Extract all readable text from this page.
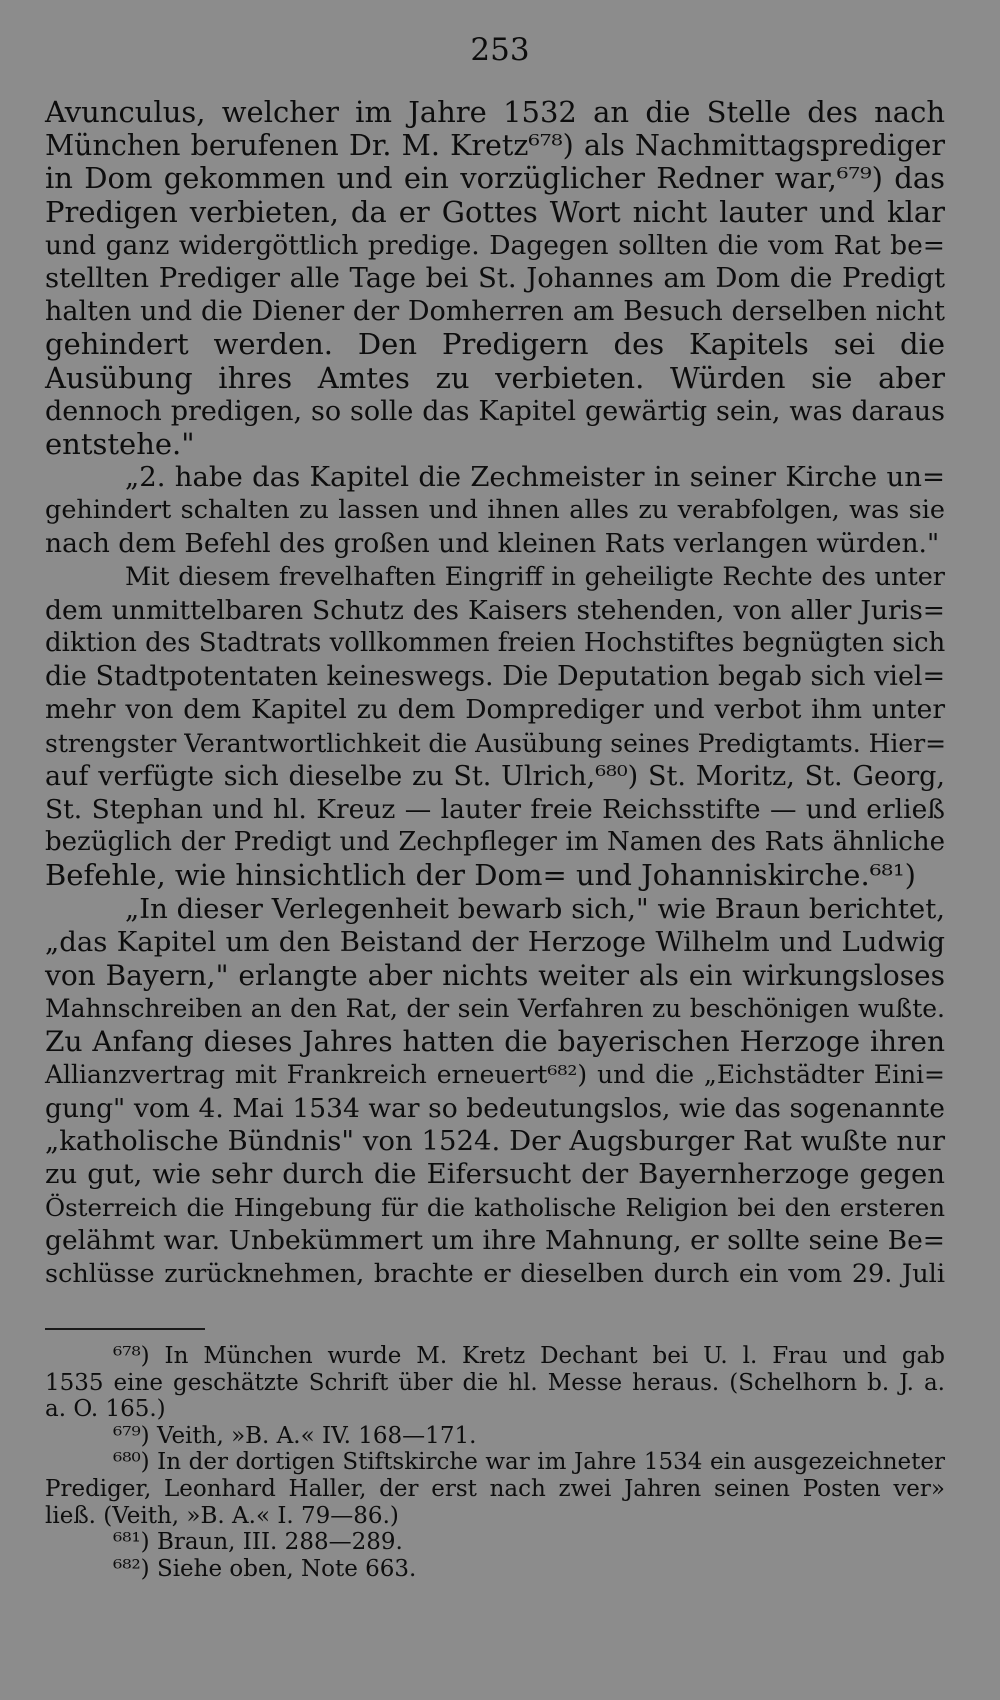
253
Avunculus, welcher im Jahre 1532 an die Stelle des nach
München berufenen Dr. M. Kretz⁶⁷⁸) als Nachmittagsprediger
in Dom gekommen und ein vorzüglicher Redner war,⁶⁷⁹) das
Predigen verbieten, da er Gottes Wort nicht lauter und klar
und ganz widergöttlich predige. Dagegen sollten die vom Rat be=
stellten Prediger alle Tage bei St. Johannes am Dom die Predigt
halten und die Diener der Domherren am Besuch derselben nicht
gehindert werden. Den Predigern des Kapitels sei die
Ausübung ihres Amtes zu verbieten. Würden sie aber
dennoch predigen, so solle das Kapitel gewärtig sein, was daraus
entstehe."
„2. habe das Kapitel die Zechmeister in seiner Kirche un=
gehindert schalten zu lassen und ihnen alles zu verabfolgen, was sie
nach dem Befehl des großen und kleinen Rats verlangen würden."
Mit diesem frevelhaften Eingriff in geheiligte Rechte des unter
dem unmittelbaren Schutz des Kaisers stehenden, von aller Juris=
diktion des Stadtrats vollkommen freien Hochstiftes begnügten sich
die Stadtpotentaten keineswegs. Die Deputation begab sich viel=
mehr von dem Kapitel zu dem Domprediger und verbot ihm unter
strengster Verantwortlichkeit die Ausübung seines Predigtamts. Hier=
auf verfügte sich dieselbe zu St. Ulrich,⁶⁸⁰) St. Moritz, St. Georg,
St. Stephan und hl. Kreuz — lauter freie Reichsstifte — und erließ
bezüglich der Predigt und Zechpfleger im Namen des Rats ähnliche
Befehle, wie hinsichtlich der Dom= und Johanniskirche.⁶⁸¹)
„In dieser Verlegenheit bewarb sich," wie Braun berichtet,
„das Kapitel um den Beistand der Herzoge Wilhelm und Ludwig
von Bayern," erlangte aber nichts weiter als ein wirkungsloses
Mahnschreiben an den Rat, der sein Verfahren zu beschönigen wußte.
Zu Anfang dieses Jahres hatten die bayerischen Herzoge ihren
Allianzvertrag mit Frankreich erneuert⁶⁸²) und die „Eichstädter Eini=
gung" vom 4. Mai 1534 war so bedeutungslos, wie das sogenannte
„katholische Bündnis" von 1524. Der Augsburger Rat wußte nur
zu gut, wie sehr durch die Eifersucht der Bayernherzoge gegen
Österreich die Hingebung für die katholische Religion bei den ersteren
gelähmt war. Unbekümmert um ihre Mahnung, er sollte seine Be=
schlüsse zurücknehmen, brachte er dieselben durch ein vom 29. Juli
⁶⁷⁸) In München wurde M. Kretz Dechant bei U. l. Frau und gab
1535 eine geschätzte Schrift über die hl. Messe heraus. (Schelhorn b. J. a.
a. O. 165.)
⁶⁷⁹) Veith, »B. A.« IV. 168—171.
⁶⁸⁰) In der dortigen Stiftskirche war im Jahre 1534 ein ausgezeichneter
Prediger, Leonhard Haller, der erst nach zwei Jahren seinen Posten ver»
ließ. (Veith, »B. A.« I. 79—86.)
⁶⁸¹) Braun, III. 288—289.
⁶⁸²) Siehe oben, Note 663.
